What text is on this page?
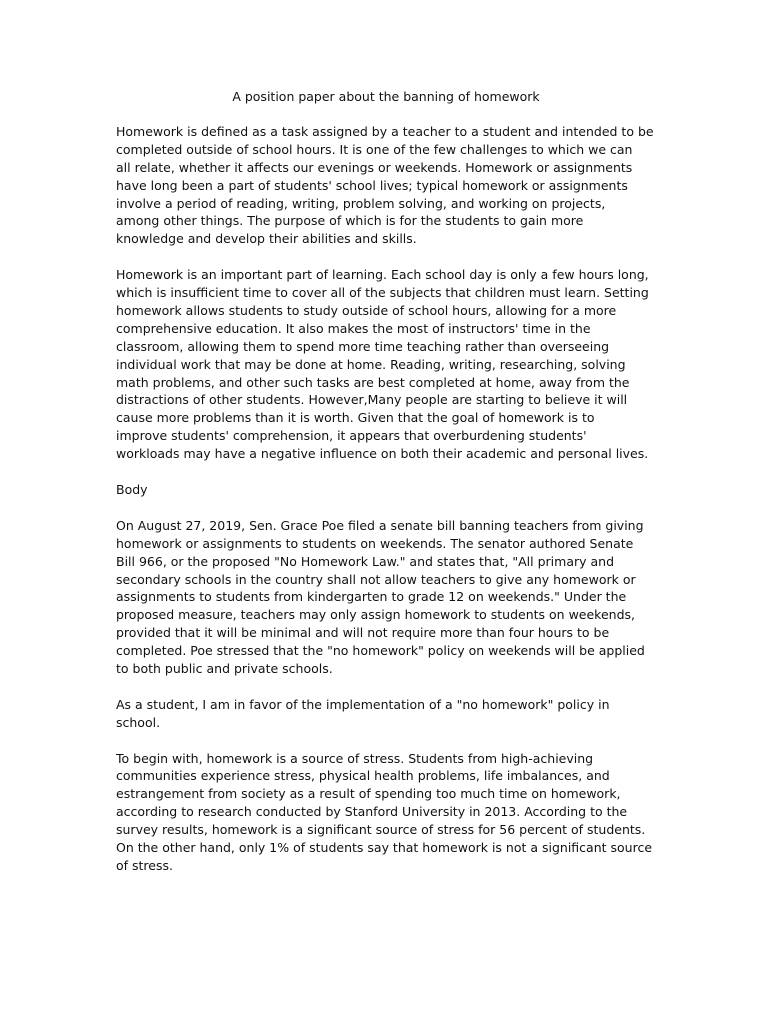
A position paper about the banning of homework
Homework is defined as a task assigned by a teacher to a student and intended to be
completed outside of school hours. It is one of the few challenges to which we can
all relate, whether it affects our evenings or weekends. Homework or assignments
have long been a part of students' school lives; typical homework or assignments
involve a period of reading, writing, problem solving, and working on projects,
among other things. The purpose of which is for the students to gain more
knowledge and develop their abilities and skills.
Homework is an important part of learning. Each school day is only a few hours long,
which is insufficient time to cover all of the subjects that children must learn. Setting
homework allows students to study outside of school hours, allowing for a more
comprehensive education. It also makes the most of instructors' time in the
classroom, allowing them to spend more time teaching rather than overseeing
individual work that may be done at home. Reading, writing, researching, solving
math problems, and other such tasks are best completed at home, away from the
distractions of other students. However,Many people are starting to believe it will
cause more problems than it is worth. Given that the goal of homework is to
improve students' comprehension, it appears that overburdening students'
workloads may have a negative influence on both their academic and personal lives.
Body
On August 27, 2019, Sen. Grace Poe filed a senate bill banning teachers from giving
homework or assignments to students on weekends. The senator authored Senate
Bill 966, or the proposed "No Homework Law." and states that, "All primary and
secondary schools in the country shall not allow teachers to give any homework or
assignments to students from kindergarten to grade 12 on weekends." Under the
proposed measure, teachers may only assign homework to students on weekends,
provided that it will be minimal and will not require more than four hours to be
completed. Poe stressed that the "no homework" policy on weekends will be applied
to both public and private schools.
As a student, I am in favor of the implementation of a "no homework" policy in
school.
To begin with, homework is a source of stress. Students from high-achieving
communities experience stress, physical health problems, life imbalances, and
estrangement from society as a result of spending too much time on homework,
according to research conducted by Stanford University in 2013. According to the
survey results, homework is a significant source of stress for 56 percent of students.
On the other hand, only 1% of students say that homework is not a significant source
of stress.
